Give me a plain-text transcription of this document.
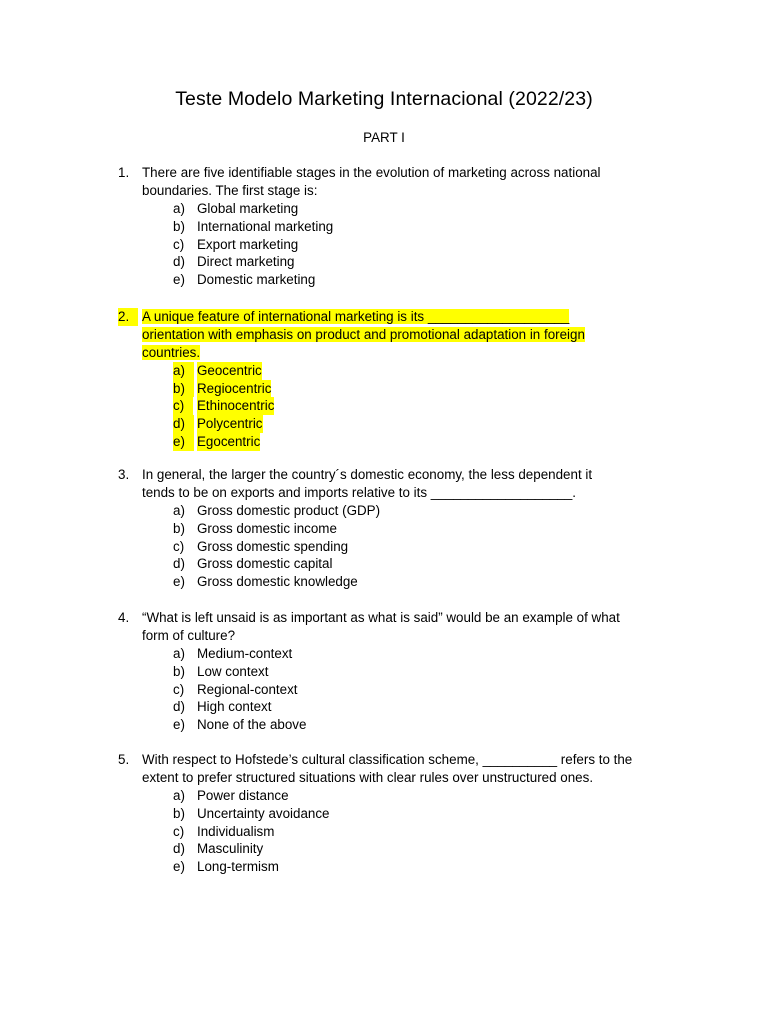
Teste Modelo Marketing Internacional (2022/23)
PART I
1. There are five identifiable stages in the evolution of marketing across national
boundaries. The first stage is:
a) Global marketing
b) International marketing
c) Export marketing
d) Direct marketing
e) Domestic marketing
2. A unique feature of international marketing is its ___________________
orientation with emphasis on product and promotional adaptation in foreign
countries.
a) Geocentric
b) Regiocentric
c) Ethinocentric
d) Polycentric
e) Egocentric
3. In general, the larger the country´s domestic economy, the less dependent it
tends to be on exports and imports relative to its ___________________.
a) Gross domestic product (GDP)
b) Gross domestic income
c) Gross domestic spending
d) Gross domestic capital
e) Gross domestic knowledge
4. “What is left unsaid is as important as what is said” would be an example of what
form of culture?
a) Medium-context
b) Low context
c) Regional-context
d) High context
e) None of the above
5. With respect to Hofstede’s cultural classification scheme, __________ refers to the
extent to prefer structured situations with clear rules over unstructured ones.
a) Power distance
b) Uncertainty avoidance
c) Individualism
d) Masculinity
e) Long-termism
